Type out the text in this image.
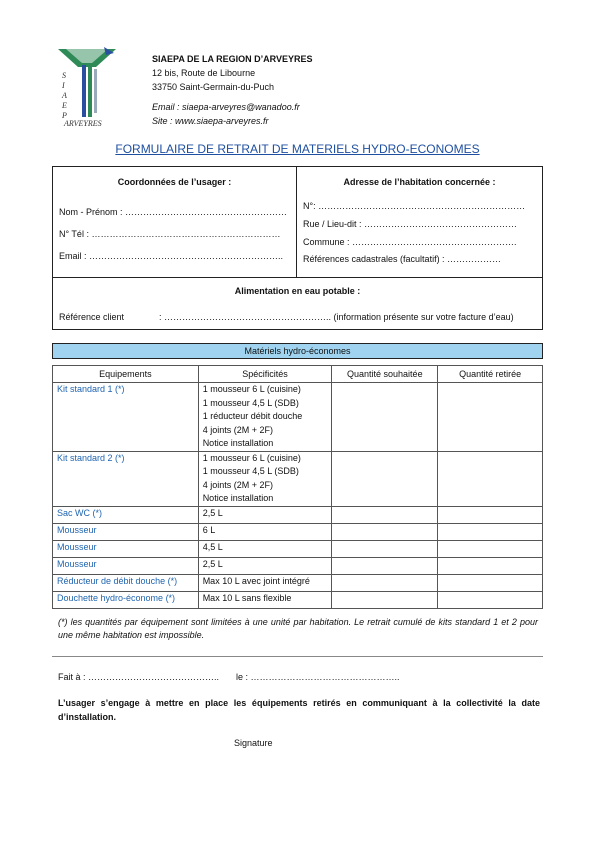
S
I
A
E
P
ARVEYRES
SIAEPA DE LA REGION D’ARVEYRES
12 bis, Route de Libourne
33750 Saint-Germain-du-Puch
Email : siaepa-arveyres@wanadoo.fr
Site : www.siaepa-arveyres.fr
FORMULAIRE DE RETRAIT DE MATERIELS HYDRO-ECONOMES
Coordonnées de l’usager :
Nom - Prénom : ………………………………………………
N° Tél : ………………………………………………………
Email : ………………………………………………………..
Adresse de l’habitation concernée :
N°: ……………………………………………………………
Rue / Lieu-dit : ……………………………………………
Commune : ……………………………………………….
Références cadastrales (facultatif) : ………………
Alimentation en eau potable :
Référence client	: ……………………………………………….. (information présente sur votre facture d’eau)
Matériels hydro-économes
Equipements	Spécificités	Quantité souhaitée	Quantité retirée

Kit standard 1 (*)	1 mousseur 6 L (cuisine)
1 mousseur 4,5 L (SDB)
1 réducteur débit douche
4 joints (2M + 2F)
Notice installation		

Kit standard 2 (*)	1 mousseur 6 L (cuisine)
1 mousseur 4,5 L (SDB)
4 joints (2M + 2F)
Notice installation		

Sac WC (*)	2,5 L		

Mousseur	6 L		

Mousseur	4,5 L		

Mousseur	2,5 L		

Réducteur de débit douche (*)	Max 10 L avec joint intégré		

Douchette hydro-économe (*)	Max 10 L sans flexible		

(*) les quantités par équipement sont limitées à une unité par habitation. Le retrait cumulé de kits standard 1 et 2 pour une même habitation est impossible.
Fait à : …………………………………….. le : …………………………………………..
L’usager s’engage à mettre en place les équipements retirés en communiquant à la collectivité la date d’installation.
Signature
